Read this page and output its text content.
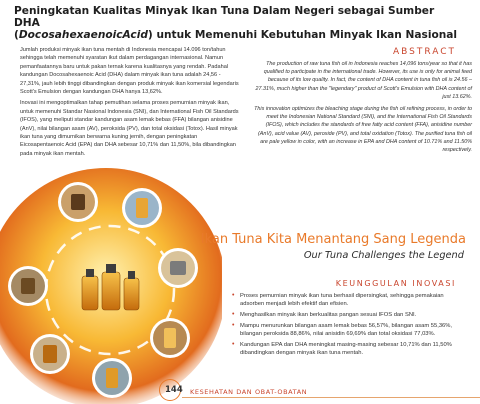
Peningkatan Kualitas Minyak Ikan Tuna Dalam Negeri sebagai Sumber DHA
(DocosahexaenoicAcid) untuk Memenuhi Kebutuhan Minyak Ikan Nasional

Jumlah produksi minyak ikan tuna mentah di Indonesia mencapai 14.096 ton/tahun sehingga telah memenuhi syaratan ikut dalam perdagangan internasional. Namun pemanfaatannya baru untuk pakan ternak karena kualitasnya yang rendah. Padahal kandungan Docosahexaenoic Acid (DHA) dalam minyak ikan tuna adalah 24,56 - 27,31%, jauh lebih tinggi dibandingkan dengan produk minyak ikan komersial legendaris Scott's Emulsion dengan kandungan DHA hanya 13,62%.

Inovasi ini mengoptimalkan tahap pemutihan selama proses pemurnian minyak ikan, untuk memenuhi Standar Nasional Indonesia (SNI), dan International Fish Oil Standards (IFOS), yang meliputi standar kandungan asam lemak bebas (FFA) bilangan anisidine (AnV), nilai bilangan asam (AV), peroksida (PV), dan total oksidasi (Totox). Hasil minyak ikan tuna yang dimurnikan berwarna kuning jernih, dengan peningkatan Eicosapentaenoic Acid (EPA) dan DHA sebesar 10,71% dan 11,50%, bila dibandingkan pada minyak ikan mentah.

ABSTRACT

The production of raw tuna fish oil in Indonesia reaches 14,096 tons/year so that it has qualified to participate in the international trade. However, its use is only for animal feed because of its low quality. In fact, the content of DHA content in tuna fish oil is 24.56 – 27.31%, much higher than the "legendary" product of Scott's Emulsion with DHA content of just 13.62%.

This innovation optimizes the bleaching stage during the fish oil refining process, in order to meet the Indonesian National Standard (SNI), and the International Fish Oil Standards (IFOS), which includes the standards of free fatty acid content (FFA), anisidine number (AnV), acid value (AV), peroxide (PV), and total oxidation (Totox). The purified tuna fish oil are pale yellow in color, with an increase in EPA and DHA content of 10.71% and 11.50% respectively.

Ikan Tuna Kita Menantang Sang Legenda
Our Tuna Challenges the Legend
KEUNGGULAN INOVASI
• Proses pemurnian minyak ikan tuna berhasil dipersingkat, sehingga pemakaian adsorben menjadi lebih efektif dan efisien.
• Menghasilkan minyak ikan berkualitas pangan sesuai IFOS dan SNI.
• Mampu menurunkan bilangan asam lemak bebas 56,57%, bilangan asam 55,36%, bilangan peroksida 88,86%, nilai anisidin 69,69% dan total oksidasi 77,03%.
• Kandungan EPA dan DHA meningkat masing-masing sebesar 10,71% dan 11,50% dibandingkan dengan minyak ikan tuna mentah.
144 KESEHATAN DAN OBAT-OBATAN
